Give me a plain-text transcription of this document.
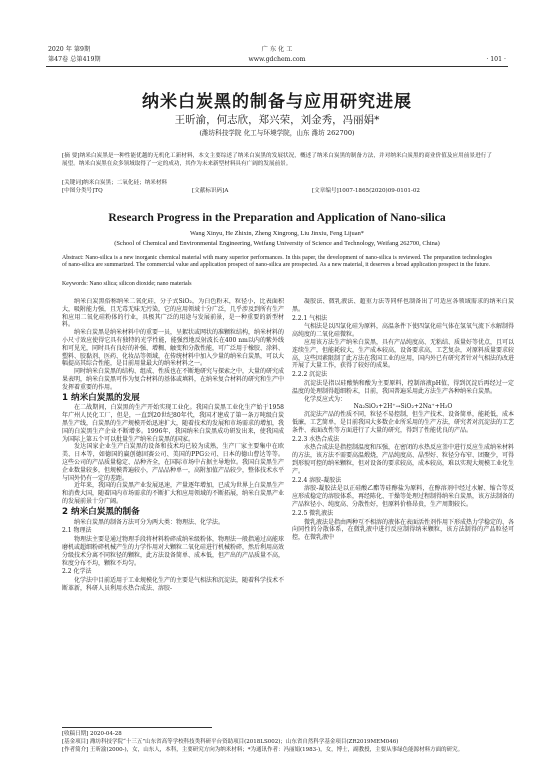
2020 年 第9期	广 东 化 工
第47卷 总第419期	www.gdchem.com	· 101 ·
纳米白炭黑的制备与应用研究进展
王昕渝，何志欣，郑兴荣，刘金秀，冯丽娟*
(潍坊科技学院 化工与环境学院，山东 潍坊 262700)
[摘 要]纳米白炭黑是一种性能优越的无机化工新材料，本文主要综述了纳米白炭黑的发展状况，概述了纳米白炭黑的制备方法，并对纳米白炭黑的商业价值及应用前景进行了展望。纳米白炭黑在众多领域取得了一定的成功，其作为未来新型材料具有广阔的发展前景。
[关键词]纳米白炭黑；二氧化硅；纳米材料
[中图分类号]TQ	[文献标识码]A	[文章编号]1007-1865(2020)09-0101-02
Research Progress in the Preparation and Application of Nano-silica
Wang Xinyu, He Zhixin, Zheng Xingrong, Liu Jinxiu, Feng Lijuan*
(School of Chemical and Environmental Engineering, Weifang University of Science and Technology, Weifang 262700, China)
Abstract: Nano-silica is a new inorganic chemical material with many superior performances. In this paper, the development of nano-silica is reviewed. The preparation technologies of nano-silica are summarized. The commercial value and application prospect of nano-silica are prospected. As a new material, it deserves a broad application prospect in the future.
Keywords: Nano silica; silicon dioxide; nano materials

纳米白炭黑俗称纳米二氧化硅，分子式SiO₂，为白色粉末，粒径小，比表面积大，吸附能力强，且无毒无味无污染，它的应用领域十分广泛，几乎涉及到所有生产和应用二氧化硅粉体的行业，具极其广泛的用途与发展前景，是一种重要的新型材料。

纳米白炭黑是纳米材料中的重要一员，呈絮状或网状的准颗粒结构，纳米材料的小尺寸效应使得它具有独特的光学性能，能强烈地反射波长在400 nm以内的紫外线和可见光，同时具有良好的补强、增稠、触变和分散性能，可广泛用于橡胶、涂料、塑料、胶黏剂、医药、化妆品等领域，在传统材料中加入少量的纳米白炭黑，可以大幅提高其综合性能，是目前用量最大的纳米材料之一。

同时纳米白炭黑的结构、组成、性质也在不断地研究与探索之中，大量的研究成果表明，纳米白炭黑可作为复合材料的基体或填料，在纳米复合材料的研究和生产中发挥着重要的作用。

1 纳米白炭黑的发展

在二战期间，白炭黑的生产开始实现工业化。我国白炭黑工业化生产始于1958年广州人民化工厂，但是，一直到20世纪80年代，我国才建成了第一条万吨级白炭黑生产线，白炭黑的生产规模开始迅速扩大，随着技术的发展和市场需求的增加，我国的白炭黑生产企业不断增多。1996年，我国纳米白炭黑成功研发出来，使我国成为国际上第五个可以批量生产纳米白炭黑的国家。

发达国家企业生产白炭黑的设备和技术均已较为成熟，生产厂家主要集中在欧美、日本等，如德国的赢创德固赛公司、美国的PPG公司、日本的德山曹达等等。这些公司的产品质量稳定、品种齐全，在国际市场中占据主导地位。我国白炭黑生产企业数量较多，但规模普遍较小，产品品种单一，高附加值产品较少，整体技术水平与国外仍有一定的差距。

近年来，我国的白炭黑产业发展迅速，产量逐年增加，已成为世界上白炭黑生产和消费大国，随着国内市场需求的不断扩大和应用领域的不断拓展，纳米白炭黑产业的发展前景十分广阔。

2 纳米白炭黑的制备

纳米白炭黑的制备方法可分为两大类：物理法、化学法。

2.1 物理法

物理法主要是通过物理手段将材料粉碎成纳米级粉体，物理法一般指通过高能球磨机或超细粉碎机械产生的力学作用对大颗粒二氧化硅进行机械粉碎，然后利用高效分级技术分离不同粒径的颗粒，此方法设备简单、成本低，但产出的产品质量不高，粒度分布不均，颗粒不均匀。

2.2 化学法

化学法中目前适用于工业规模化生产的主要是气相法和沉淀法，随着科学技术不断革新，科研人员利用水热合成法、溶胶-

凝胶法、微乳液法、超重力法等同样也制备出了可适应各领域需求的纳米白炭黑。

2.2.1 气相法

气相法是以四氯化硅为原料，高温条件下使四氯化硅气体在氢氧气流下水解制得高纯度的二氧化硅微粒。

应用该方法生产纳米白炭黑，具有产品纯度高、无粘结、质量好等优点，且可以连续生产，但能耗较大，生产成本较高，设备要求高，工艺复杂，对原料质量要求较高，这些因素限制了此方法在我国工业的应用，国内外已有研究者针对气相法的改进开展了大量工作，获得了较好的成果。

2.2.2 沉淀法

沉淀法是指以硅酸钠和酸为主要原料，控制溶液pH值，得到沉淀后再经过一定温度的处理制得超细粉末，目前，我国普遍采用此方法生产各种纳米白炭黑。

化学反应式为：

Na₂SiO₃+2H⁺→SiO₂+2Na⁺+H₂O

沉淀法产品的性质不同，粒径不易控制，但生产技术、设备简单，能耗低，成本低廉，工艺简单，是目前我国大多数企业所采用的生产方法，研究者对沉淀法的工艺条件、表面改性等方面进行了大量的研究，得到了性能优良的产品。

2.2.3 水热合成法

水热合成法是指控制温度和压强，在密闭的水热反应釜中进行反应生成纳米材料的方法，该方法不需要高温煅烧，产品纯度高、晶型好、粒径分布窄、团聚少，可得到形貌可控的纳米颗粒，但对设备的要求较高，成本较高，难以实现大规模工业化生产。

2.2.4 溶胶-凝胶法

溶胶-凝胶法是以正硅酸乙酯等硅醇盐为原料，在醇溶剂中经过水解、缩合等反应形成稳定的溶胶体系，再经陈化、干燥等处理过程制得纳米白炭黑，该方法制备的产品粒径小、纯度高、分散性好，但原料价格昂贵，生产周期较长。

2.2.5 微乳液法

微乳液法是指由两种互不相溶的液体在表面活性剂作用下形成热力学稳定的、各向同性的分散体系，在微乳液中进行反应制得纳米颗粒，该方法制得的产品粒径可控，在微乳液中

[收稿日期] 2020-04-28
[基金项目] 潍坊科技学院“十三五”山东省高等学校科技类科研平台资助项目(2018LS002)；山东省自然科学基金项目(ZR2019MEM046)
[作者简介] 王昕渝(2000-)，女，山东人，本科，主要研究方向为纳米材料；*为通讯作者：冯丽娟(1983-)，女，博士，副教授，主要从事绿色能源材料方面的研究。
